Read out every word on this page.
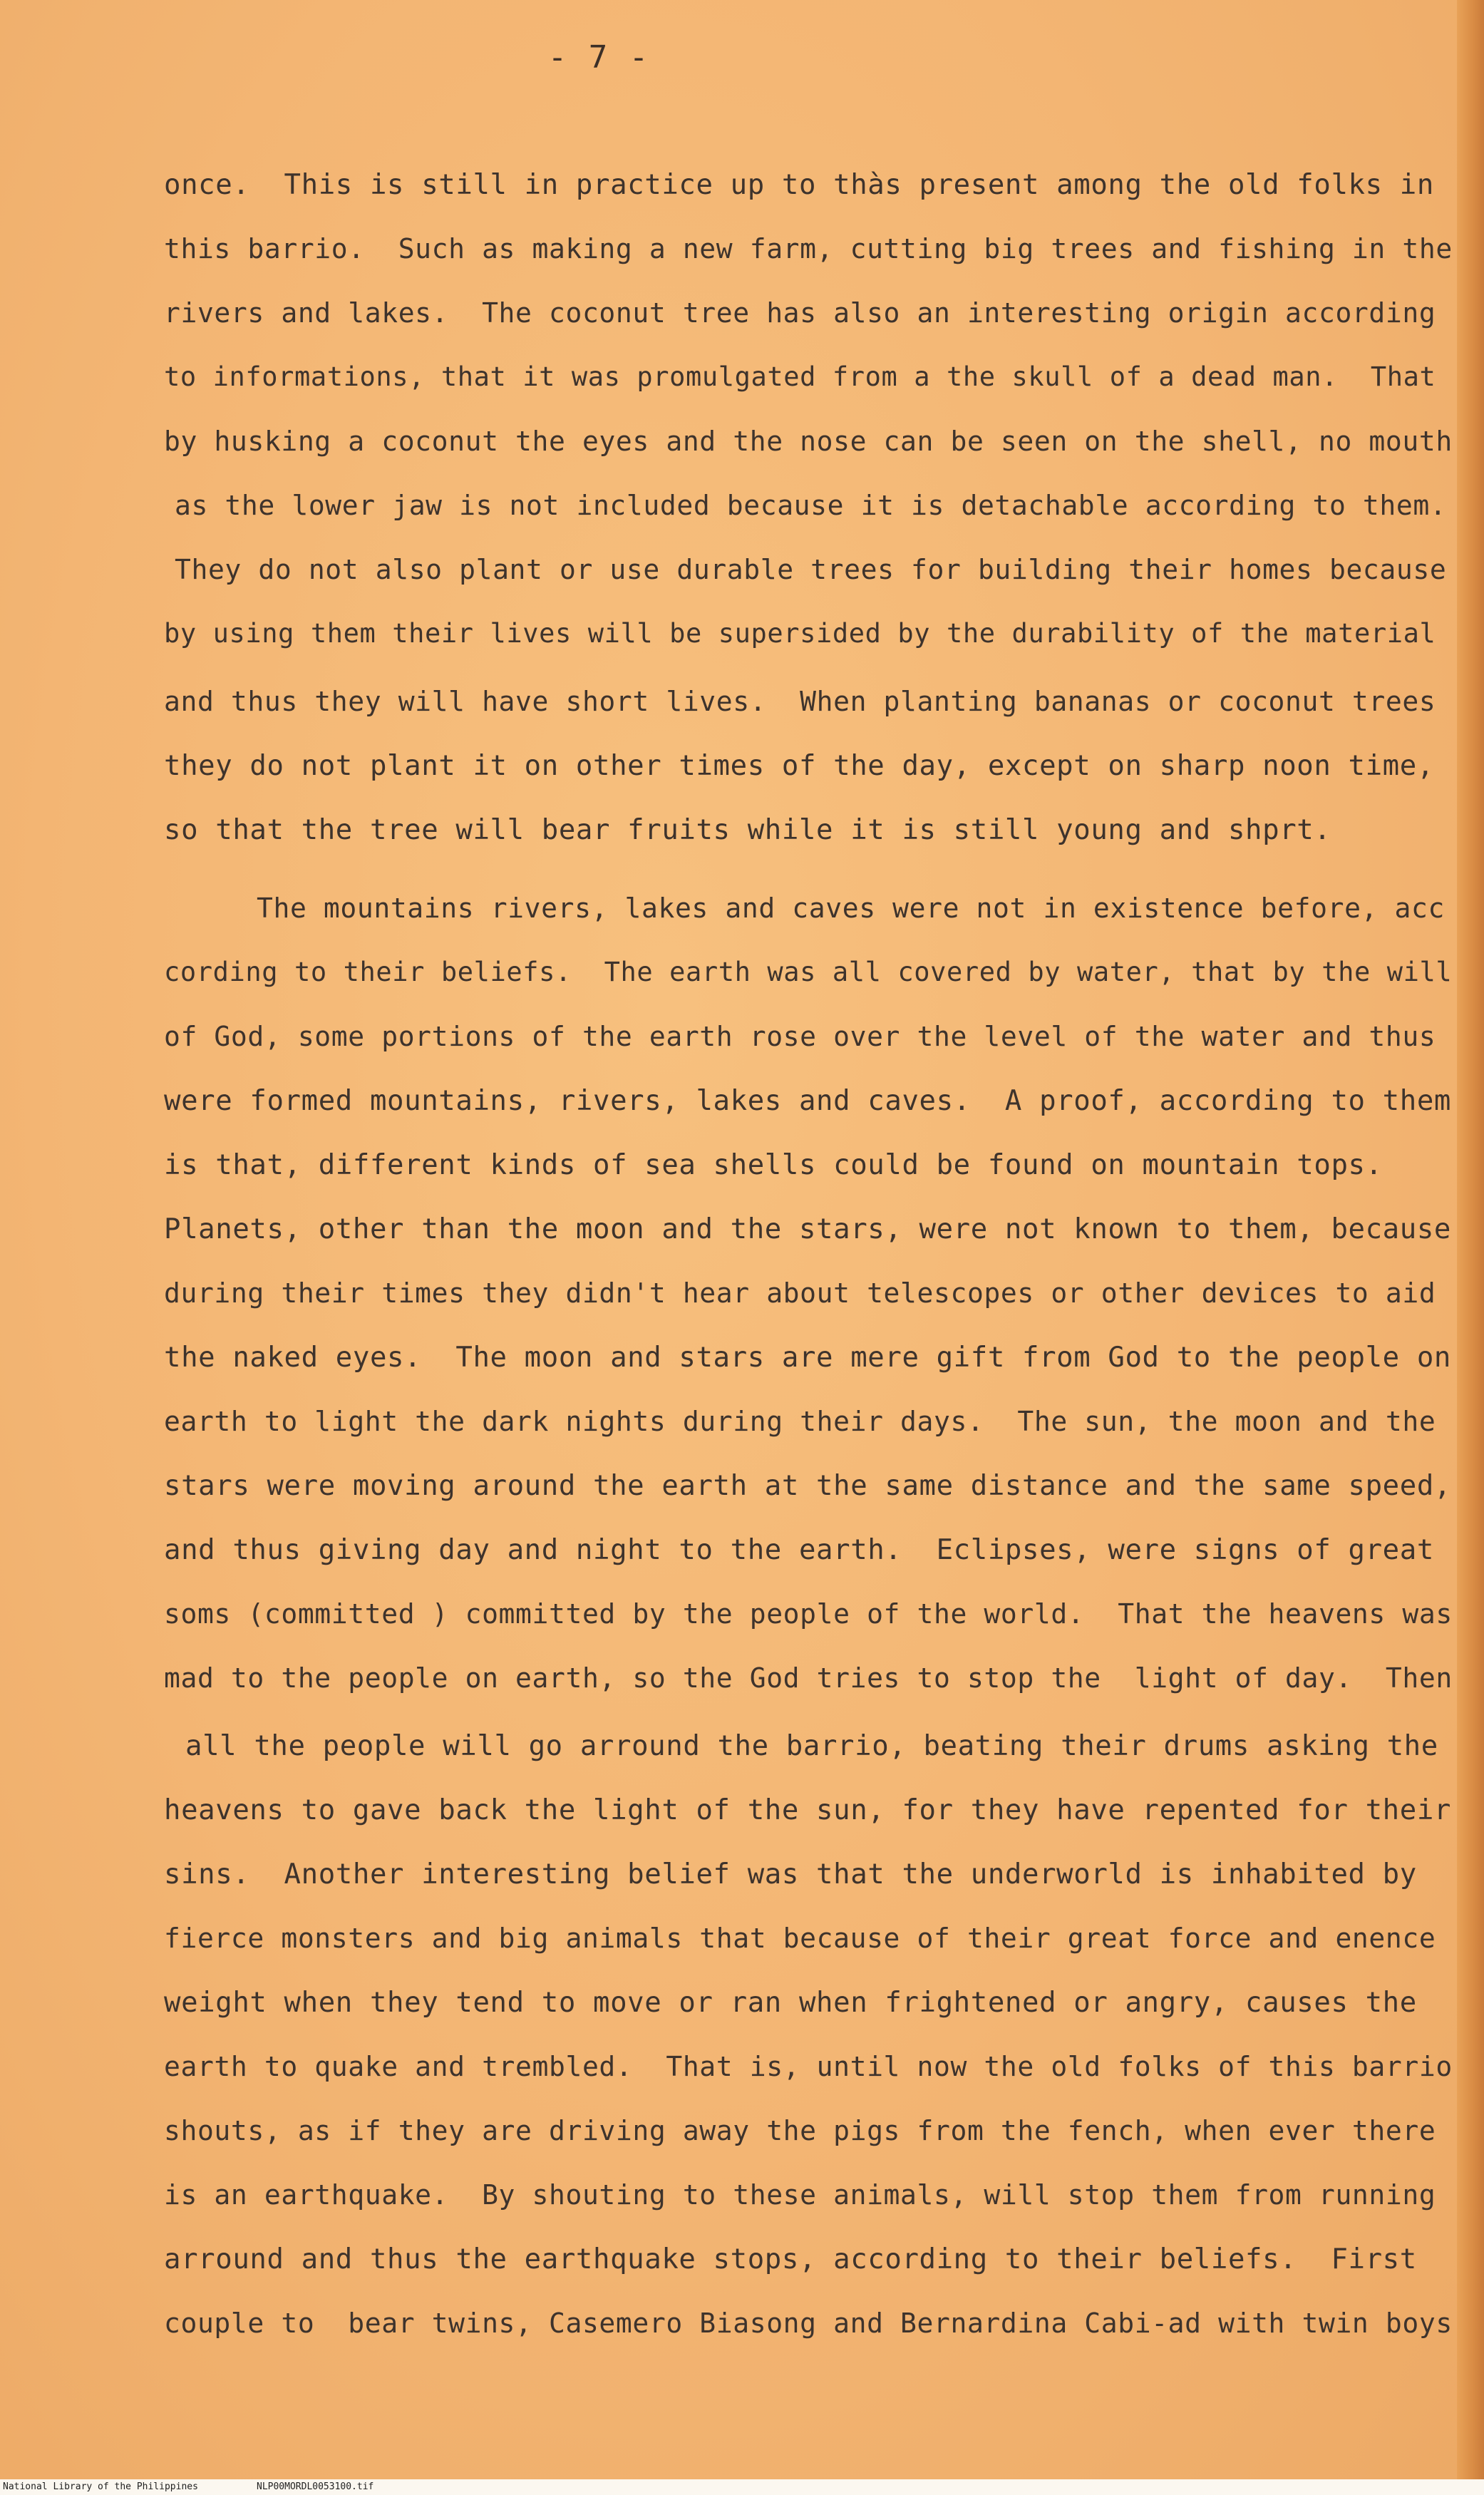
- 7 -
once.  This is still in practice up to thàs present among the old folks in
this barrio.  Such as making a new farm, cutting big trees and fishing in the
rivers and lakes.  The coconut tree has also an interesting origin according
to informations, that it was promulgated from a the skull of a dead man.  That
by husking a coconut the eyes and the nose can be seen on the shell, no mouth
as the lower jaw is not included because it is detachable according to them.
They do not also plant or use durable trees for building their homes because
by using them their lives will be supersided by the durability of the material
and thus they will have short lives.  When planting bananas or coconut trees
they do not plant it on other times of the day, except on sharp noon time,
so that the tree will bear fruits while it is still young and shprt.
The mountains rivers, lakes and caves were not in existence before, acc
cording to their beliefs.  The earth was all covered by water, that by the will
of God, some portions of the earth rose over the level of the water and thus
were formed mountains, rivers, lakes and caves.  A proof, according to them
is that, different kinds of sea shells could be found on mountain tops.
Planets, other than the moon and the stars, were not known to them, because
during their times they didn't hear about telescopes or other devices to aid
the naked eyes.  The moon and stars are mere gift from God to the people on
earth to light the dark nights during their days.  The sun, the moon and the
stars were moving around the earth at the same distance and the same speed,
and thus giving day and night to the earth.  Eclipses, were signs of great
soms (committed ) committed by the people of the world.  That the heavens was
mad to the people on earth, so the God tries to stop the  light of day.  Then
all the people will go arround the barrio, beating their drums asking the
heavens to gave back the light of the sun, for they have repented for their
sins.  Another interesting belief was that the underworld is inhabited by
fierce monsters and big animals that because of their great force and enence
weight when they tend to move or ran when frightened or angry, causes the
earth to quake and trembled.  That is, until now the old folks of this barrio
shouts, as if they are driving away the pigs from the fench, when ever there
is an earthquake.  By shouting to these animals, will stop them from running
arround and thus the earthquake stops, according to their beliefs.  First
couple to  bear twins, Casemero Biasong and Bernardina Cabi-ad with twin boys
National Library of the Philippines	NLP00MORDL0053100.tif
